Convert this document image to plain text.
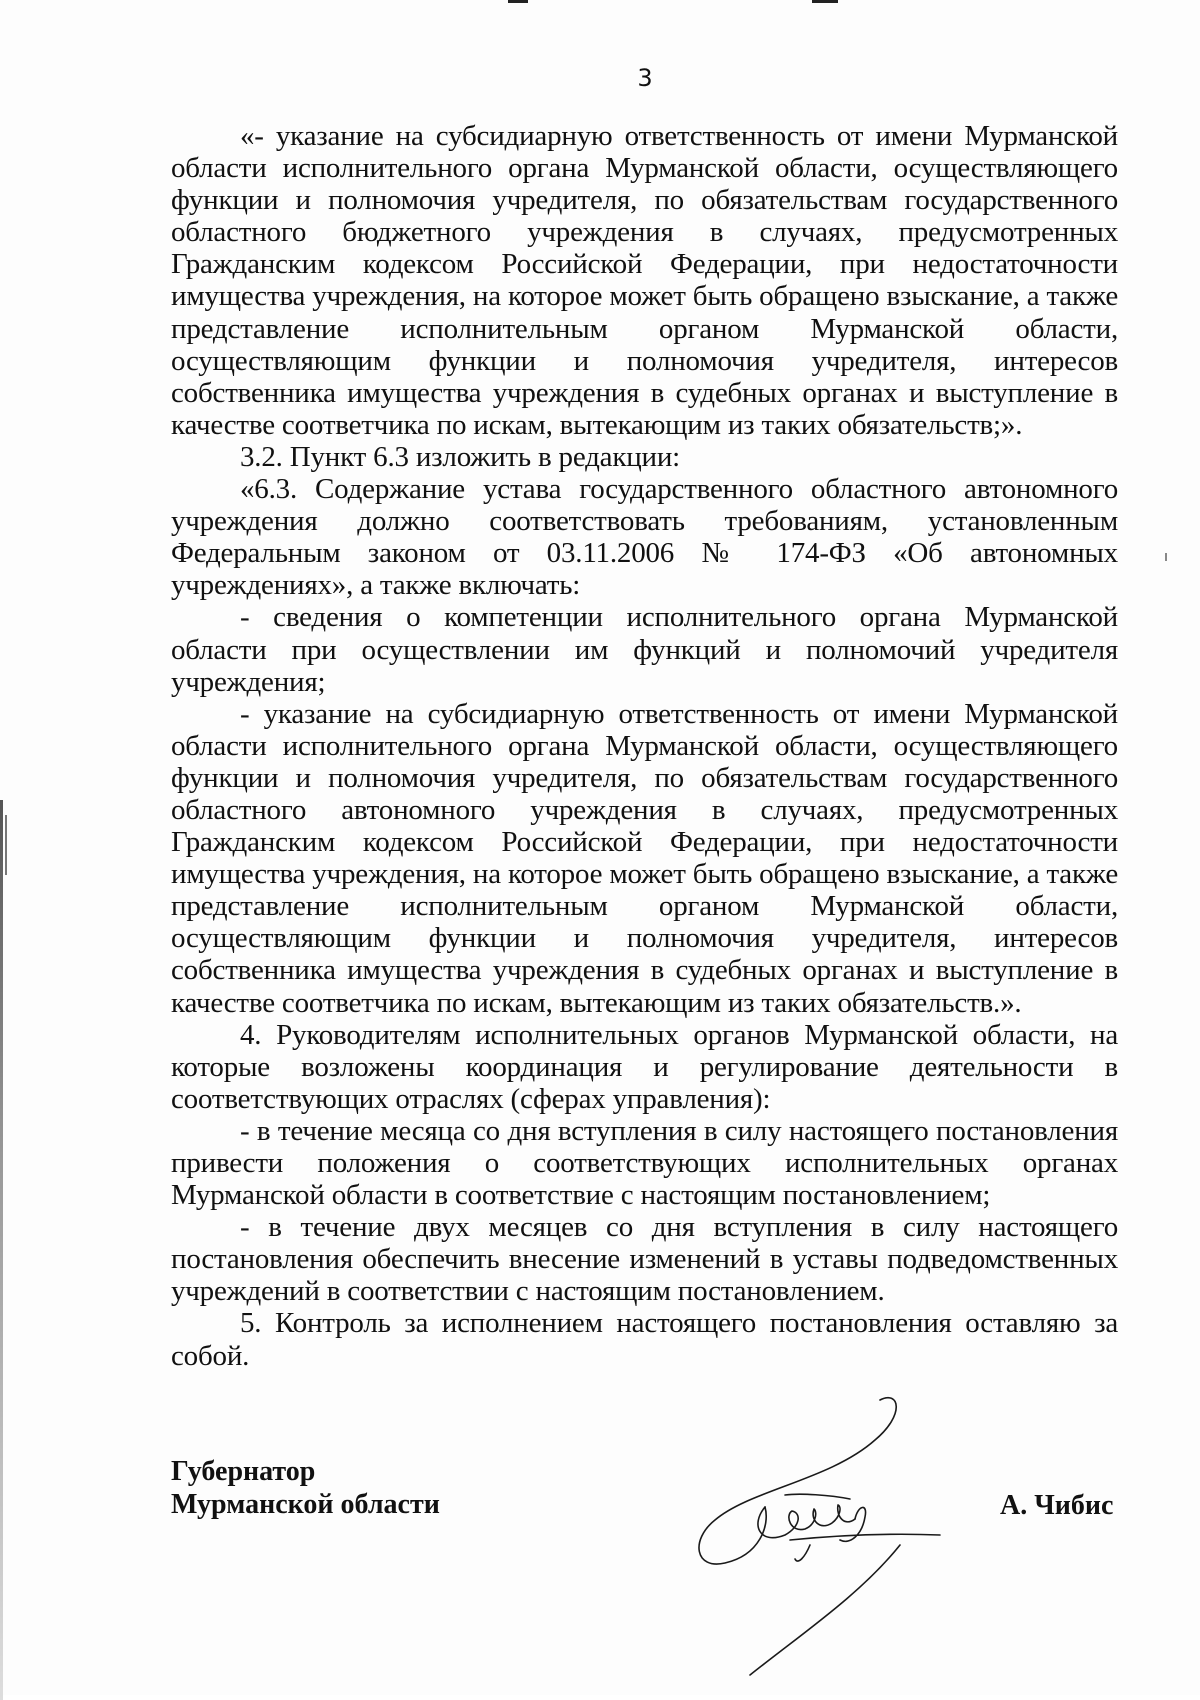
3

«- указание на субсидиарную ответственность от имени Мурманской области исполнительного органа Мурманской области, осуществляющего функции и полномочия учредителя, по обязательствам государственного областного бюджетного учреждения в случаях, предусмотренных Гражданским кодексом Российской Федерации, при недостаточности имущества учреждения, на которое может быть обращено взыскание, а также представление исполнительным органом Мурманской области, осуществляющим функции и полномочия учредителя, интересов собственника имущества учреждения в судебных органах и выступление в качестве соответчика по искам, вытекающим из таких обязательств;».

3.2. Пункт 6.3 изложить в редакции:

«6.3. Содержание устава государственного областного автономного учреждения должно соответствовать требованиям, установленным Федеральным законом от 03.11.2006 № 174-ФЗ «Об автономных учреждениях», а также включать:

- сведения о компетенции исполнительного органа Мурманской области при осуществлении им функций и полномочий учредителя учреждения;

- указание на субсидиарную ответственность от имени Мурманской области исполнительного органа Мурманской области, осуществляющего функции и полномочия учредителя, по обязательствам государственного областного автономного учреждения в случаях, предусмотренных Гражданским кодексом Российской Федерации, при недостаточности имущества учреждения, на которое может быть обращено взыскание, а также представление исполнительным органом Мурманской области, осуществляющим функции и полномочия учредителя, интересов собственника имущества учреждения в судебных органах и выступление в качестве соответчика по искам, вытекающим из таких обязательств.».

4. Руководителям исполнительных органов Мурманской области, на которые возложены координация и регулирование деятельности в соответствующих отраслях (сферах управления):

- в течение месяца со дня вступления в силу настоящего постановления привести положения о соответствующих исполнительных органах Мурманской области в соответствие с настоящим постановлением;

- в течение двух месяцев со дня вступления в силу настоящего постановления обеспечить внесение изменений в уставы подведомственных учреждений в соответствии с настоящим постановлением.

5. Контроль за исполнением настоящего постановления оставляю за собой.

Губернатор
Мурманской области	А. Чибис
